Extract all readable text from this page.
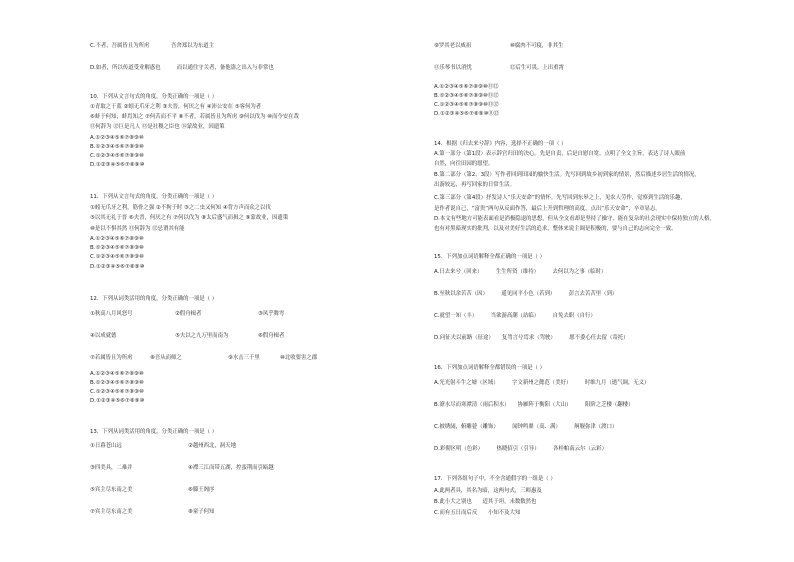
C.不者，吾属皆且为所虏　　　　吾舍郑以为东道主
D.如者，所以传道受业解惑也　　　而以通往守关者，备他盗之出入与非常也
10．下列从文言句式的角度，分类正确的一项是（ ）
①青取之于蓝 ②蚓无爪牙之利 ③夫晋，何厌之有 ④沛公安在 ⑤客何为者
⑥蚌于何知，蚌焉知之 ⑦何苦而不平 ⑧不者，若属皆且为所虏 ⑨何以伐为 ⑩而今安在哉
⑪何辞为 ⑫巨是凡人 ⑬是社稷之臣也 ⑭蒙故业，因遗策
A.①②③④⑤⑥⑦⑧⑨⑩
B.①②③④⑤⑥⑦⑧⑨⑩
C.①②③④⑤⑥⑦⑧⑨⑩
D.①②③④⑤⑥⑦⑧⑨⑩
11．下列从文言句式的角度，分类正确的一项是（ ）
①蚓无爪牙之利，筋骨之强 ②不拘于时 ③之二虫又何知 ④背方声而众之以伐
⑤以其无礼于晋 ⑥夫晋，何厌之有 ⑦何以伐为 ⑧太后盛气而揖之 ⑨蒙故业，因遗策
⑩是以不惧其然 ⑪何辞为 ⑫忌谓其有能
A.①②③④⑤⑥⑦⑧⑨⑩
B.①②③④⑤⑥⑦⑧⑨⑩
C.①②③④⑤⑥⑦⑧⑨⑩
D.①②③④⑤⑥⑦⑧⑨⑩
12．下列从词类活用的角度，分类正确的一项是（ ）
①秋高八月风怒号	②假舟楫者	③风乎舞雩
④以成就德	⑤夫以之九万里而南为	⑥假舟楫者
⑦若属皆且为所虏	⑧吾从而师之	⑨水击三千里	⑩北收要害之郡
A.①②③④⑤⑥⑦⑧⑨⑩
B.①②③④⑤⑥⑦⑧⑨⑩
C.①②③④⑤⑥⑦⑧⑨⑩
D.①②③④⑤⑥⑦⑧⑨⑩
13．下列从词类活用的角度，分类正确的一项是（ ）
①日暮苍山远	②越州西北，洞天地
③四美具，二难并	④襟三江而带五湖，控蛮荆而引瓯越
⑤宾主尽东南之美	⑥滕王阁序
⑦宾主尽东南之美	⑧童子何知
⑨罗其老以威祖	⑩腐肉不可寝，非其生
⑪乐琴书以消忧	⑫后生可畏，上出重霄
A.①②③④⑤⑥⑦⑧⑨⑩⑪⑫
B.①②③④⑤⑥⑦⑧⑨⑩⑪⑫
C.①②③④⑤⑥⑦⑧⑨⑩⑪⑫
D.①②③④⑤⑥⑦⑧⑨⑩⑪⑫
14．根据《归去来兮辞》内容，选择不正确的一项（ ）
A.第一部分（第1段）表示辞官归田的决心。先是自责，后是自慰自宽。点明了全文主旨，表达了诗人眼前
自然，向往田园的愿望。
B.第二部分（第2、3段）写作者回到田园的愉快生活。先写回到故乡初到家的情景，然后描述乡居生活的情况，
出游较远，再写回家的日常生活。
C.第三部分（第4段）抒发诗人“乐天安命”的情怀。先写回到东皋之上，见农人劳作，觉察到生活的乐趣，
是作者说自己，“富贵”两句从反面作答，最后上升到哲理的高度，点出“乐天安命”，卒章显志。
D.本文有些地方可能表面看是消极隐退的思想，但从全文看却是坚持了操守，能在复杂的社会现实中保持独立的人格，
也有对黑暗现实的批判，以及对美好生活的追求，整体来说主调是积极的，要与自己的志向完全一致。
15．下列加点词语解释全都正确的一项是（ ）
A.日去来兮（回来）　　　生生所资（维持）　　　去何以为之事（临时）
B.至秋以余苦苦（因）　　　遥见同平小色（若到）　　　彭言去苦苦里（到）
C.就望一知（丰）　　　当欲游高潮（站临）　　　自免去职（自行）
D.问征夫以前路（征途）　　复驾言兮焉求（驾驶）　　　愿不委心任去留（寄托）
16．下列加点词语解释全都错误的一项是（ ）
A.光光射斗牛之墟（区域）　　　字文新州之懿范（美好）　　　时维九月（逝气调，无义）
B.潦水尽而寒潭清（雨后积水）　　协雁阵于衡阳（大山）　　　阻阶之乏楼（翻楼）
C.披绣闼，俯雕甍（雕饰）　　　闻钟鸣鼎（高、满）　　　舸舰弥津（渡口）
D.彩彻区明（色彩）　　　热晓招引（引导）　　　各桂帕南云尔（云彩）
17．下列各组句子中，不全含通假字的一组是（ ）
A.此两者具，其名为暗，这两句式，三师惠及
B.此小大之别也　　适其于坦，未数数然也
C.而有五日而后反　　小知不及大知
